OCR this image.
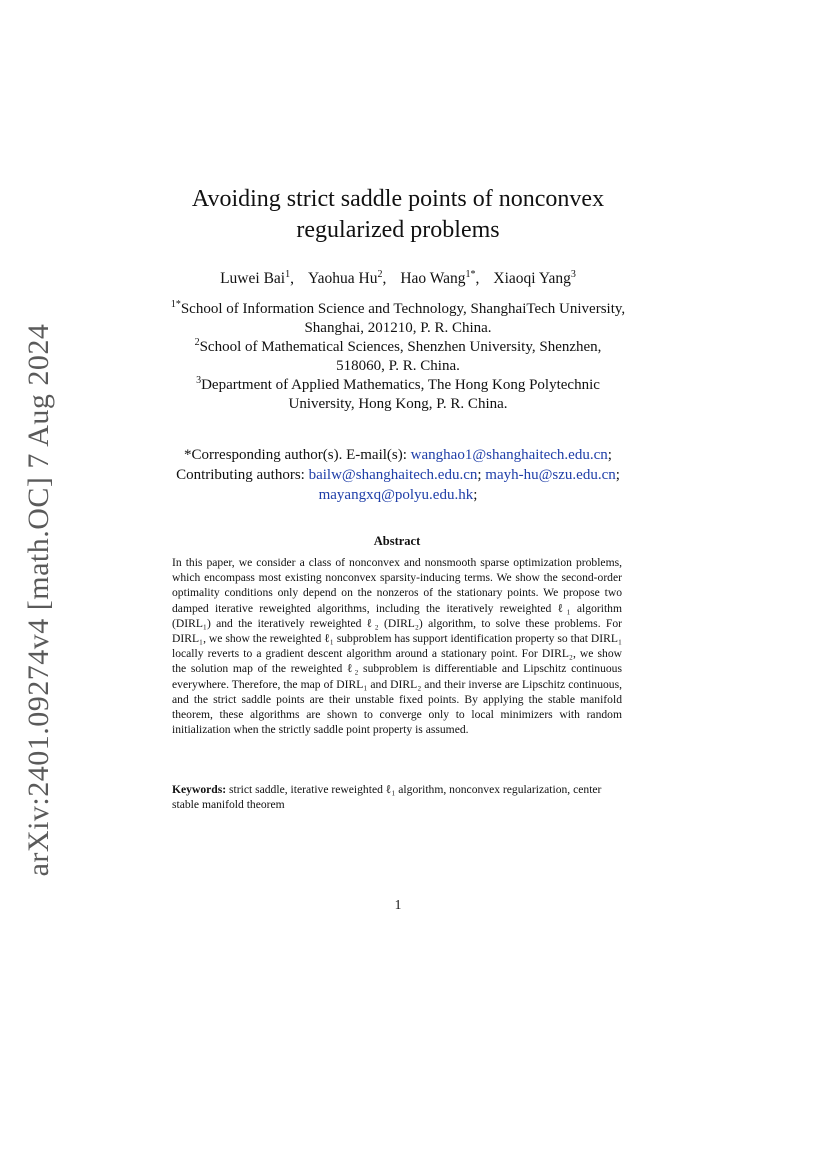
arXiv:2401.09274v4 [math.OC] 7 Aug 2024
Avoiding strict saddle points of nonconvex
regularized problems
Luwei Bai$^1$, Yaohua Hu$^2$, Hao Wang$^{1*}$, Xiaoqi Yang$^3$
$^{1*}$School of Information Science and Technology, ShanghaiTech University, Shanghai, 201210, P. R. China.
$^2$School of Mathematical Sciences, Shenzhen University, Shenzhen, 518060, P. R. China.
$^3$Department of Applied Mathematics, The Hong Kong Polytechnic University, Hong Kong, P. R. China.
*Corresponding author(s). E-mail(s): wanghao1@shanghaitech.edu.cn;
Contributing authors: bailw@shanghaitech.edu.cn; mayh-hu@szu.edu.cn;
mayangxq@polyu.edu.hk;
Abstract
In this paper, we consider a class of nonconvex and nonsmooth sparse optimization problems, which encompass most existing nonconvex sparsity-inducing terms. We show the second-order optimality conditions only depend on the nonzeros of the stationary points. We propose two damped iterative reweighted algorithms, including the iteratively reweighted ℓ₁ algorithm (DIRL₁) and the iteratively reweighted ℓ₂ (DIRL₂) algorithm, to solve these problems. For DIRL₁, we show the reweighted ℓ₁ subproblem has support identification property so that DIRL₁ locally reverts to a gradient descent algorithm around a stationary point. For DIRL₂, we show the solution map of the reweighted ℓ₂ subproblem is differentiable and Lipschitz continuous everywhere. Therefore, the map of DIRL₁ and DIRL₂ and their inverse are Lipschitz continuous, and the strict saddle points are their unstable fixed points. By applying the stable manifold theorem, these algorithms are shown to converge only to local minimizers with random initialization when the strictly saddle point property is assumed.
Keywords: strict saddle, iterative reweighted ℓ₁ algorithm, nonconvex regularization, center stable manifold theorem
1
